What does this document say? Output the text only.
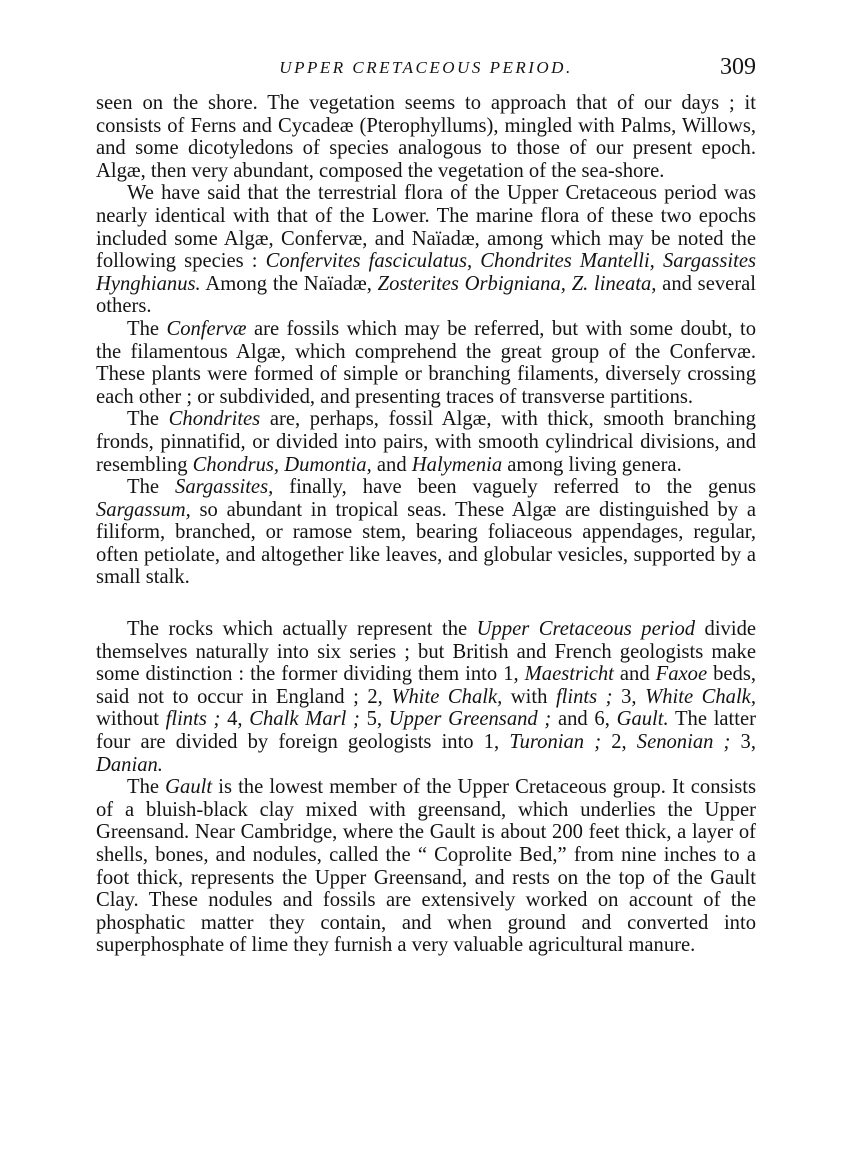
UPPER CRETACEOUS PERIOD.	309

seen on the shore. The vegetation seems to approach that of our days ; it consists of Ferns and Cycadeæ (Pterophyllums), mingled with Palms, Willows, and some dicotyledons of species analogous to those of our present epoch. Algæ, then very abundant, composed the vegetation of the sea-shore.

We have said that the terrestrial flora of the Upper Cretaceous period was nearly identical with that of the Lower. The marine flora of these two epochs included some Algæ, Confervæ, and Naïadæ, among which may be noted the following species : Confervites fasciculatus, Chondrites Mantelli, Sargassites Hynghianus. Among the Naïadæ, Zosterites Orbigniana, Z. lineata, and several others.

The Confervæ are fossils which may be referred, but with some doubt, to the filamentous Algæ, which comprehend the great group of the Confervæ. These plants were formed of simple or branching filaments, diversely crossing each other ; or subdivided, and presenting traces of transverse partitions.

The Chondrites are, perhaps, fossil Algæ, with thick, smooth branching fronds, pinnatifid, or divided into pairs, with smooth cylindrical divisions, and resembling Chondrus, Dumontia, and Halymenia among living genera.

The Sargassites, finally, have been vaguely referred to the genus Sargassum, so abundant in tropical seas. These Algæ are distinguished by a filiform, branched, or ramose stem, bearing foliaceous appendages, regular, often petiolate, and altogether like leaves, and globular vesicles, supported by a small stalk.

The rocks which actually represent the Upper Cretaceous period divide themselves naturally into six series ; but British and French geologists make some distinction : the former dividing them into 1, Maestricht and Faxoe beds, said not to occur in England ; 2, White Chalk, with flints ; 3, White Chalk, without flints ; 4, Chalk Marl ; 5, Upper Greensand ; and 6, Gault. The latter four are divided by foreign geologists into 1, Turonian ; 2, Senonian ; 3, Danian.

The Gault is the lowest member of the Upper Cretaceous group. It consists of a bluish-black clay mixed with greensand, which underlies the Upper Greensand. Near Cambridge, where the Gault is about 200 feet thick, a layer of shells, bones, and nodules, called the “ Coprolite Bed,” from nine inches to a foot thick, represents the Upper Greensand, and rests on the top of the Gault Clay. These nodules and fossils are extensively worked on account of the phosphatic matter they contain, and when ground and converted into superphosphate of lime they furnish a very valuable agricultural manure.
